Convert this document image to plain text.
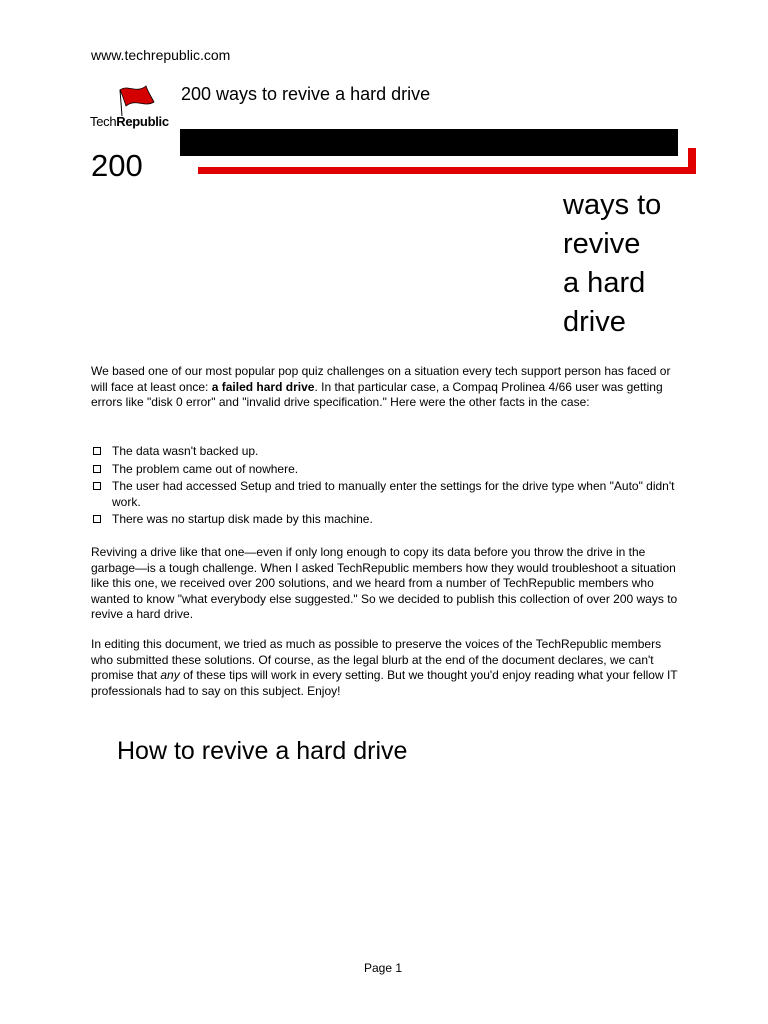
www.techrepublic.com
TechRepublic
200 ways to revive a hard drive
200
ways to
revive
a hard
drive
We based one of our most popular pop quiz challenges on a situation every tech support person has faced or will face at least once: a failed hard drive. In that particular case, a Compaq Prolinea 4/66 user was getting errors like "disk 0 error" and "invalid drive specification." Here were the other facts in the case:
The data wasn't backed up.
The problem came out of nowhere.
The user had accessed Setup and tried to manually enter the settings for the drive type when "Auto" didn't work.
There was no startup disk made by this machine.
Reviving a drive like that one—even if only long enough to copy its data before you throw the drive in the garbage—is a tough challenge. When I asked TechRepublic members how they would troubleshoot a situation like this one, we received over 200 solutions, and we heard from a number of TechRepublic members who wanted to know "what everybody else suggested." So we decided to publish this collection of over 200 ways to revive a hard drive.
In editing this document, we tried as much as possible to preserve the voices of the TechRepublic members who submitted these solutions. Of course, as the legal blurb at the end of the document declares, we can't promise that any of these tips will work in every setting. But we thought you'd enjoy reading what your fellow IT professionals had to say on this subject. Enjoy!
How to revive a hard drive
Page 1
